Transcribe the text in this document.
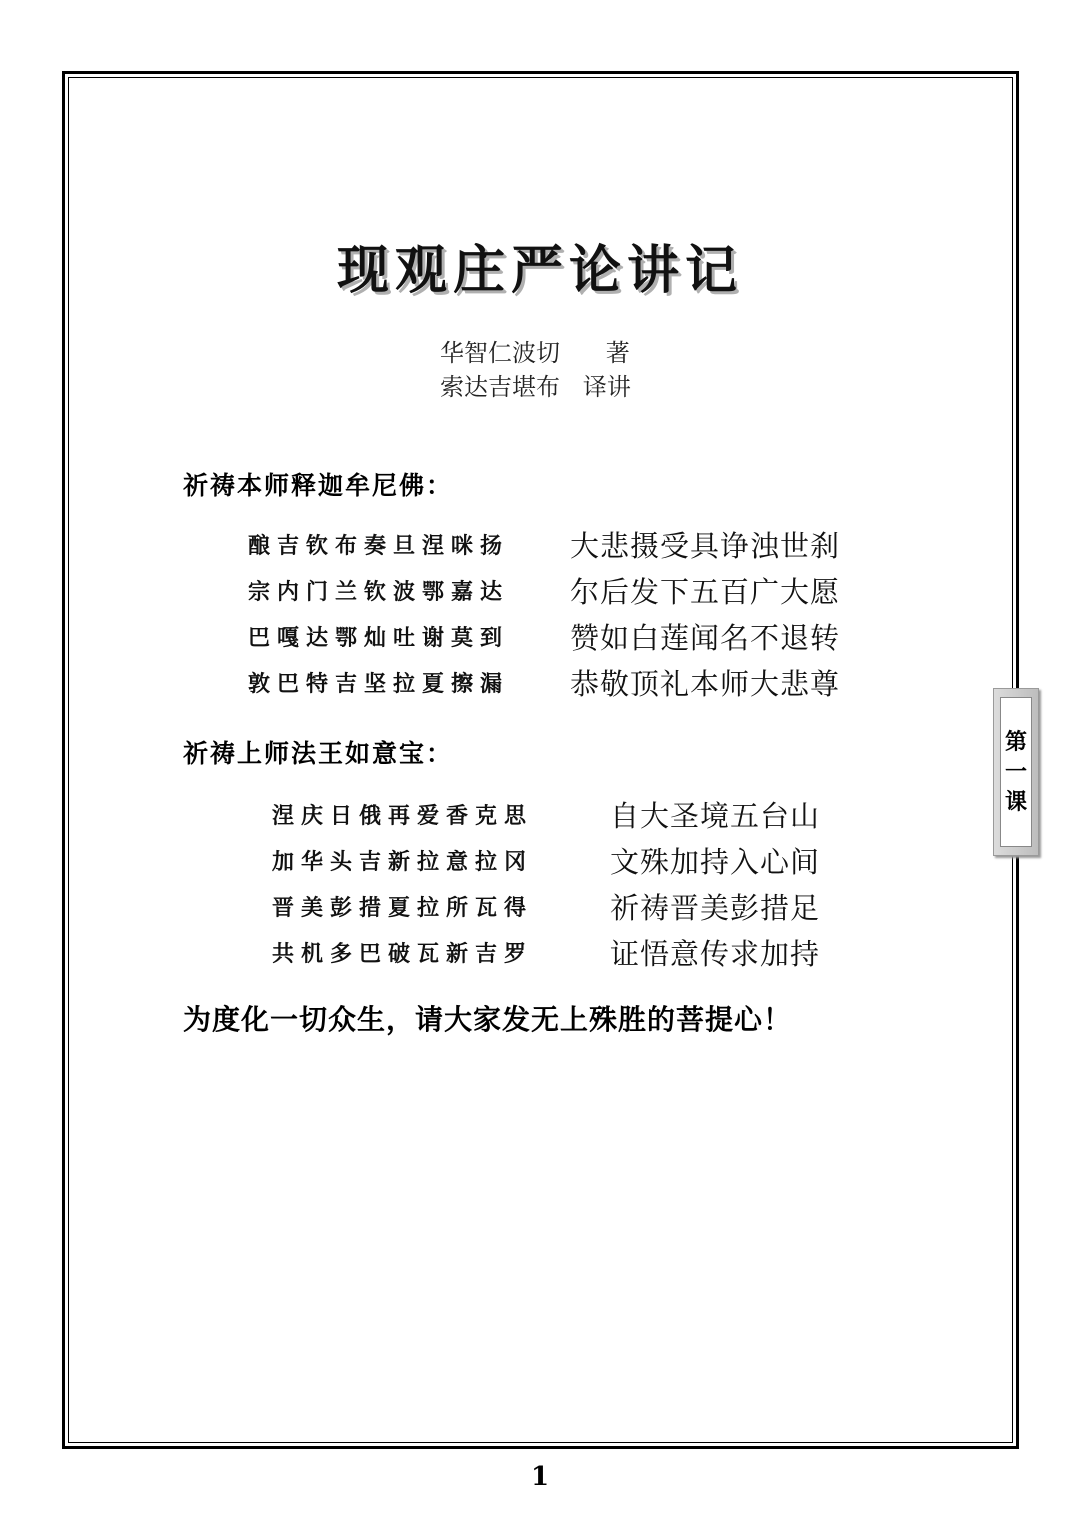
现观庄严论讲记
华智仁波切      著
索达吉堪布   译讲
祈祷本师释迦牟尼佛：
酿吉钦布奏旦涅咪扬	大悲摄受具诤浊世刹
宗内门兰钦波鄂嘉达	尔后发下五百广大愿
巴嘎达鄂灿吐谢莫到	赞如白莲闻名不退转
敦巴特吉坚拉夏擦漏	恭敬顶礼本师大悲尊
祈祷上师法王如意宝：
涅庆日俄再爱香克思	自大圣境五台山
加华头吉新拉意拉冈	文殊加持入心间
晋美彭措夏拉所瓦得	祈祷晋美彭措足
共机多巴破瓦新吉罗	证悟意传求加持
为度化一切众生，请大家发无上殊胜的菩提心！
第
一
课
1
